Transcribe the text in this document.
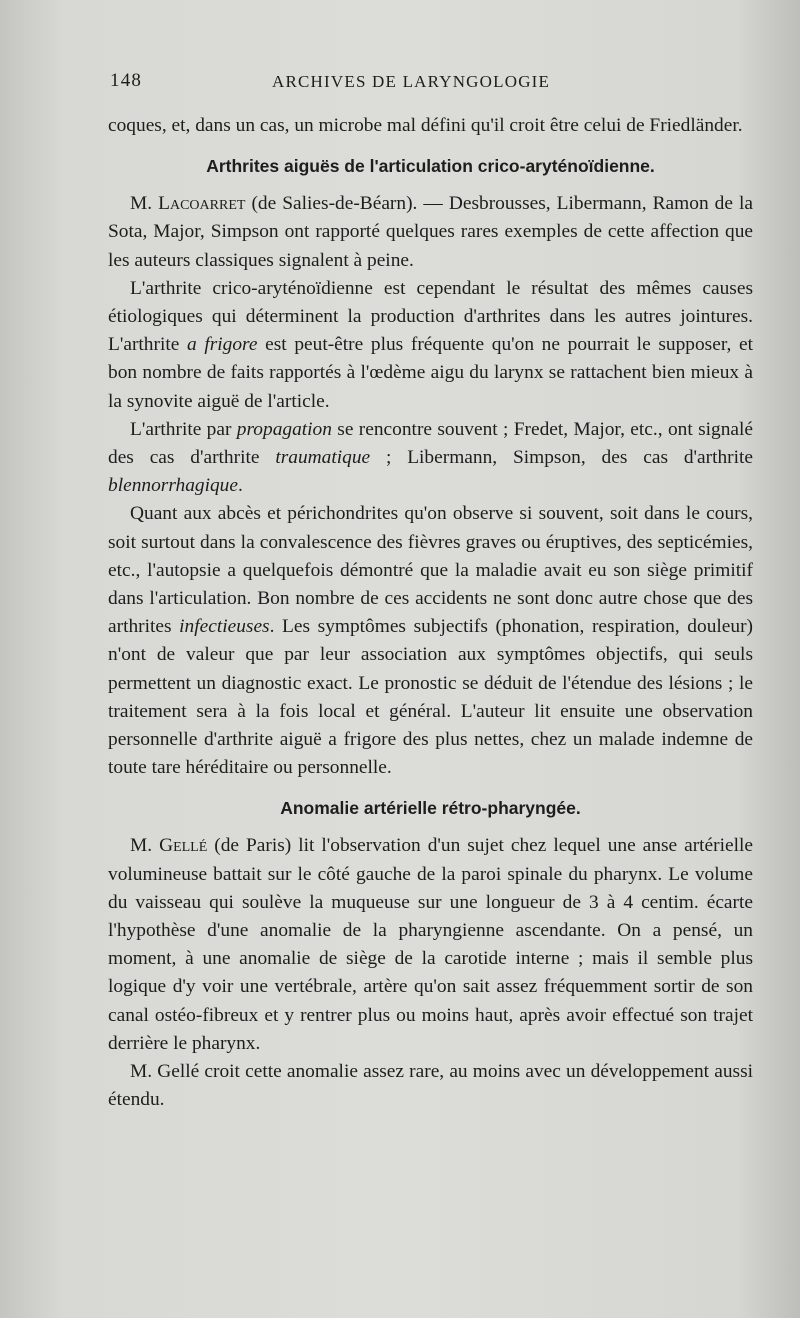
148	ARCHIVES DE LARYNGOLOGIE

coques, et, dans un cas, un microbe mal défini qu'il croit être celui de Friedländer.

Arthrites aiguës de l'articulation crico-aryténoïdienne.

M. Lacoarret (de Salies-de-Béarn). — Desbrousses, Libermann, Ramon de la Sota, Major, Simpson ont rapporté quelques rares exemples de cette affection que les auteurs classiques signalent à peine.

L'arthrite crico-aryténoïdienne est cependant le résultat des mêmes causes étiologiques qui déterminent la production d'arthrites dans les autres jointures. L'arthrite a frigore est peut-être plus fréquente qu'on ne pourrait le supposer, et bon nombre de faits rapportés à l'œdème aigu du larynx se rattachent bien mieux à la synovite aiguë de l'article.

L'arthrite par propagation se rencontre souvent ; Fredet, Major, etc., ont signalé des cas d'arthrite traumatique ; Libermann, Simpson, des cas d'arthrite blennorrhagique.

Quant aux abcès et périchondrites qu'on observe si souvent, soit dans le cours, soit surtout dans la convalescence des fièvres graves ou éruptives, des septicémies, etc., l'autopsie a quelquefois démontré que la maladie avait eu son siège primitif dans l'articulation. Bon nombre de ces accidents ne sont donc autre chose que des arthrites infectieuses. Les symptômes subjectifs (phonation, respiration, douleur) n'ont de valeur que par leur association aux symptômes objectifs, qui seuls permettent un diagnostic exact. Le pronostic se déduit de l'étendue des lésions ; le traitement sera à la fois local et général. L'auteur lit ensuite une observation personnelle d'arthrite aiguë a frigore des plus nettes, chez un malade indemne de toute tare héréditaire ou personnelle.

Anomalie artérielle rétro-pharyngée.

M. Gellé (de Paris) lit l'observation d'un sujet chez lequel une anse artérielle volumineuse battait sur le côté gauche de la paroi spinale du pharynx. Le volume du vaisseau qui soulève la muqueuse sur une longueur de 3 à 4 centim. écarte l'hypothèse d'une anomalie de la pharyngienne ascendante. On a pensé, un moment, à une anomalie de siège de la carotide interne ; mais il semble plus logique d'y voir une vertébrale, artère qu'on sait assez fréquemment sortir de son canal ostéo-fibreux et y rentrer plus ou moins haut, après avoir effectué son trajet derrière le pharynx.

M. Gellé croit cette anomalie assez rare, au moins avec un développement aussi étendu.
